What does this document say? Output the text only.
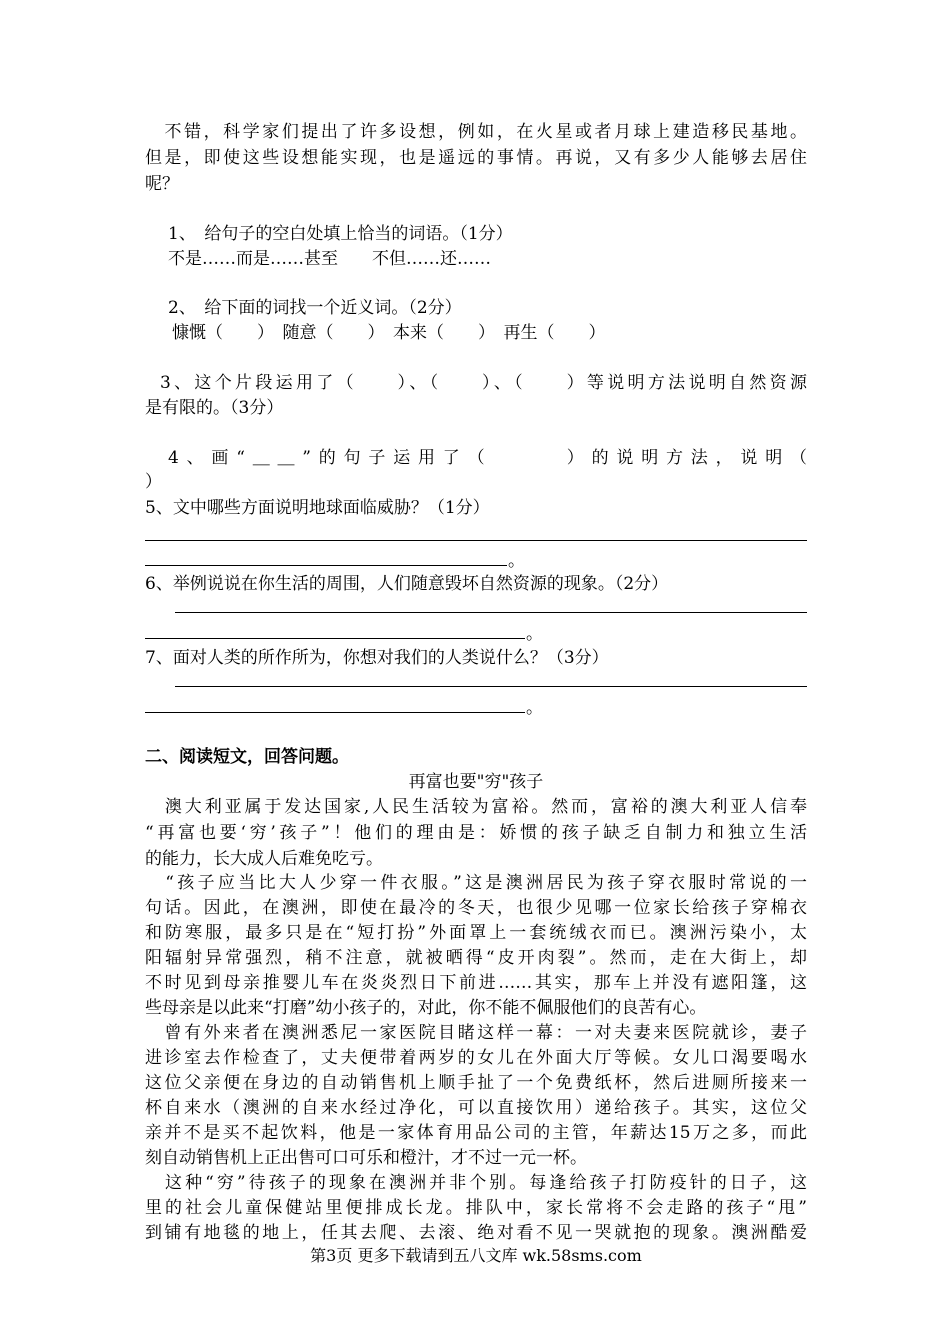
　不错，科学家们提出了许多设想，例如，在火星或者月球上建造移民基地。
但是，即使这些设想能实现，也是遥远的事情。再说，又有多少人能够去居住
呢？
1、　给句子的空白处填上恰当的词语。（1分）
不是……而是……甚至　　不但……还……
2、　给下面的词找一个近义词。（2分）
慷慨（　　）　随意（　　）　本来（　　）　再生（　　）
3、这个片段运用了（　　）、（　　）、（　　）等说明方法说明自然资源
是有限的。（3分）
4、画“＿＿”的句子运用了（　　　）的说明方法，说明（
）
5、文中哪些方面说明地球面临威胁？（1分）
。
6、举例说说在你生活的周围，人们随意毁坏自然资源的现象。（2分）
。
7、面对人类的所作所为，你想对我们的人类说什么？（3分）
。
二、阅读短文，回答问题。
再富也要"穷"孩子
　澳大利亚属于发达国家,人民生活较为富裕。然而，富裕的澳大利亚人信奉
“再富也要‘穷’孩子”！他们的理由是：娇惯的孩子缺乏自制力和独立生活
的能力，长大成人后难免吃亏。
　“孩子应当比大人少穿一件衣服。”这是澳洲居民为孩子穿衣服时常说的一
句话。因此，在澳洲，即使在最冷的冬天，也很少见哪一位家长给孩子穿棉衣
和防寒服，最多只是在“短打扮”外面罩上一套统绒衣而已。澳洲污染小，太
阳辐射异常强烈，稍不注意，就被晒得“皮开肉裂”。然而，走在大街上，却
不时见到母亲推婴儿车在炎炎烈日下前进……其实，那车上并没有遮阳篷，这
些母亲是以此来“打磨”幼小孩子的，对此，你不能不佩服他们的良苦有心。
　曾有外来者在澳洲悉尼一家医院目睹这样一幕：一对夫妻来医院就诊，妻子
进诊室去作检查了，丈夫便带着两岁的女儿在外面大厅等候。女儿口渴要喝水
这位父亲便在身边的自动销售机上顺手扯了一个免费纸杯，然后进厕所接来一
杯自来水（澳洲的自来水经过净化，可以直接饮用）递给孩子。其实，这位父
亲并不是买不起饮料，他是一家体育用品公司的主管，年薪达15万之多，而此
刻自动销售机上正出售可口可乐和橙汁，才不过一元一杯。
　这种“穷”待孩子的现象在澳洲并非个别。每逢给孩子打防疫针的日子，这
里的社会儿童保健站里便排成长龙。排队中，家长常将不会走路的孩子“甩”
到铺有地毯的地上，任其去爬、去滚、绝对看不见一哭就抱的现象。澳洲酷爱
第3页 更多下载请到五八文库 wk.58sms.com
